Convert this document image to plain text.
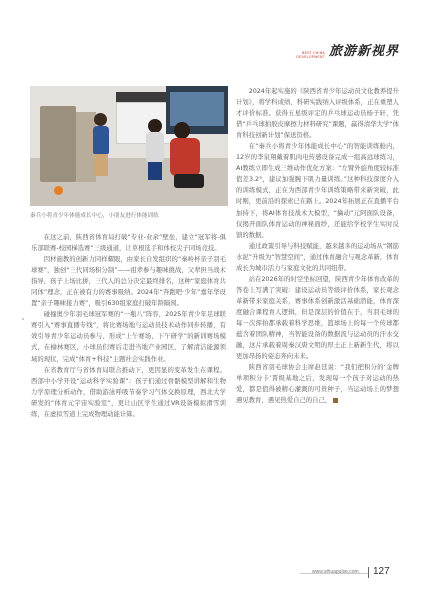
BEST CHINA
DEVELOPMENT 旅游新视界
秦兵小将青少年体能成长中心，小朋友进行体能训练

在这之前，陕西省体育局打破“专业-业余”壁垒，建立“冠军将-俱乐部联赛-校园梯选赛”三级通道，让草根选手和体校尖子同场竞技。

因材施教的创新力同样耀眼，由家长自发组织的“秦岭杯亲子羽毛球赛”，独创“三代同场积分制”——祖辈参与趣味挑战，父辈担当战术指导，孩子上场比拼，三代人的总分决定最终排名，这种“家庭体育共同体”理念，正在被有力的赛事吸纳。2024年“奔跑吧·少年”嘉年华设置“亲子趣味接力赛”，吸引630组家庭打破年龄隔阂。

碰撞奥少年羽毛球冠军赛的“一瓶八”阵容，2025年青少年足球联赛引入“赛事直播专线”，将比赛场地与运动员技术动作同步转播，有效引导青少年运动员参与、形成“上午赛场、下午研学”的新训赛场模式，在榆林赛区，小球员们赛后走进当地产业园区，了解清洁能源领域的现状，完成“体育+科技”主题社会实践作业。

在省教育厅与省体育局联合推动下，更因显的变革发生在课程。西部中小学开设“运动科学实验课”：孩子们通过骨骼模型讲解和生物力学原理分析动作，借助游泳呼吸节奏学习气体交换原理，西北大学研发的“体育元宇宙实验室”，更让山区学生通过VR设备模拟滑雪训练，在虚拟雪道上完成物理动能计算。

2024年起实施的《陕西省青少年运动员文化教养提升计划》，将学科成绩、科研实践纳入评级体系，正在重塑人才评价标准。获得五星级评定的乒乓球运动员杨子轩，凭借“乒乓球拍胶皮摩擦力材料研究”课题，赢得清华大学“体育科技创新计划”保送资格。

在“秦兵小将青少年体能成长中心”的智能训练舱内，12岁的李泉翔戴着肌肉电传感设备完成一组高远球练习，AI教练立即生成三维动作优化方案：“左臂外旋角度较标准值差3.2°，建议加强腕下肌力量训练。”这种科技深度介入的训练模式，正在为西部青少年训练策略带来新突破，此时刚，更前沿的探索已在路上。2024年拓展正在直播平台加持下，将AI体育技战术大模型，“擒动”元阿面队设备，仅揭开面队体育运动的神秘面纱，还能给学校学生实时反馈的数据。

通过政策引导与科技赋能，越来越多的运动场从“钢筋水泥”升级为“智慧空间”，通过体育融合与观念革新，体育成长为城市活力与家庭文化的共同纽带。

站在2026年的时空坐标回望，陕西青少年体育改革的答卷上写满了突破：建设运动员等级评价体系，家长观念革新带来家庭关系，赛事体系创新激活基础潜能，体育深度融合课程育人逻辑，但是深层的价值在于，当羽毛球的每一次挥拍都承载着科学思维，篮球场上的每一个传球都蕴含着团队精神，当智能设备的数据流与运动员的汗水交融，这片承载着周秦汉唐文明的厚土正上新新生代，将以更加昂扬的姿态奔向未来。

陕西省羽毛球协会主席赵廷说：“我们把积分的‘金牌单项积分卡’晋级基地之后，发现每一个孩子对运动的热爱，都是值得被精心灌溉的可贵种子，当运动场上的梦想遇见教育，遇见热爱自己的自己，

www.sihuapulse.com 127
